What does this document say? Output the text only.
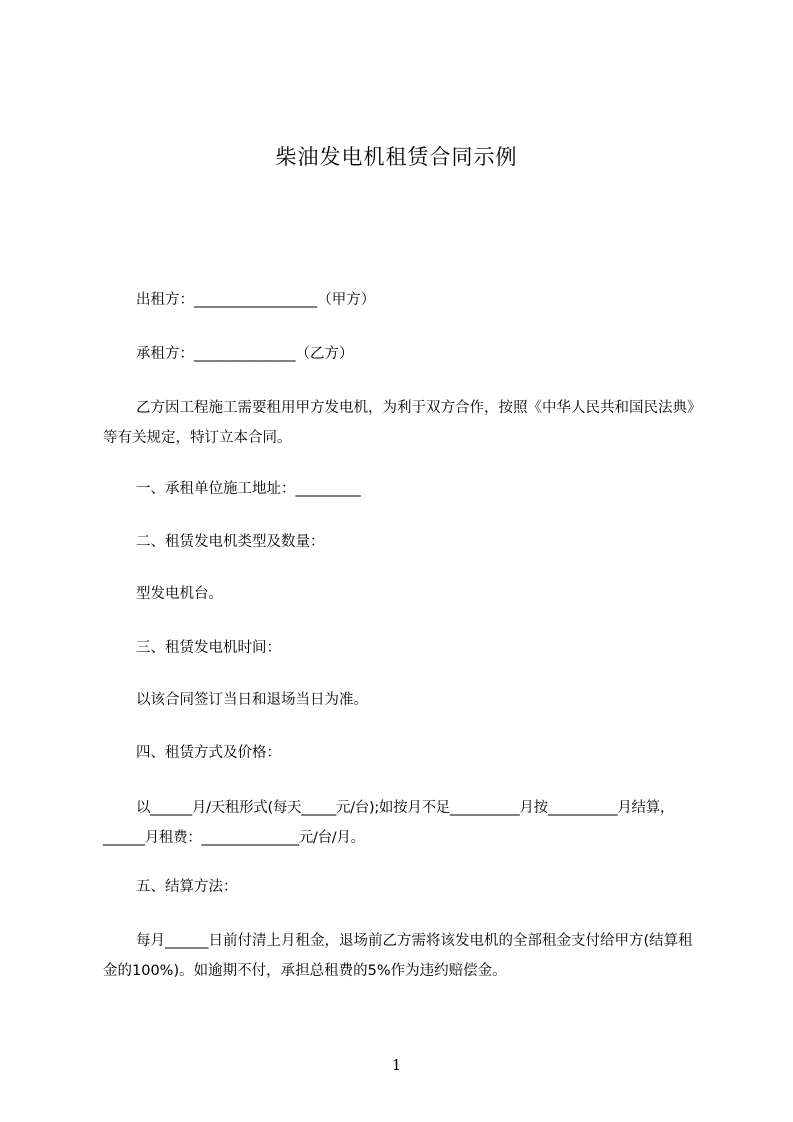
柴油发电机租赁合同示例
出租方：_________________（甲方）
承租方：______________（乙方）
乙方因工程施工需要租用甲方发电机，为利于双方合作，按照《中华人民共和国民法典》等有关规定，特订立本合同。
一、承租单位施工地址：_________
二、租赁发电机类型及数量：
型发电机台。
三、租赁发电机时间：
以该合同签订当日和退场当日为准。
四、租赁方式及价格：
以______月/天租形式(每天_____元/台);如按月不足__________月按__________月结算，______月租费：______________元/台/月。
五、结算方法：
每月______日前付清上月租金，退场前乙方需将该发电机的全部租金支付给甲方(结算租金的100%)。如逾期不付，承担总租费的5%作为违约赔偿金。
1
